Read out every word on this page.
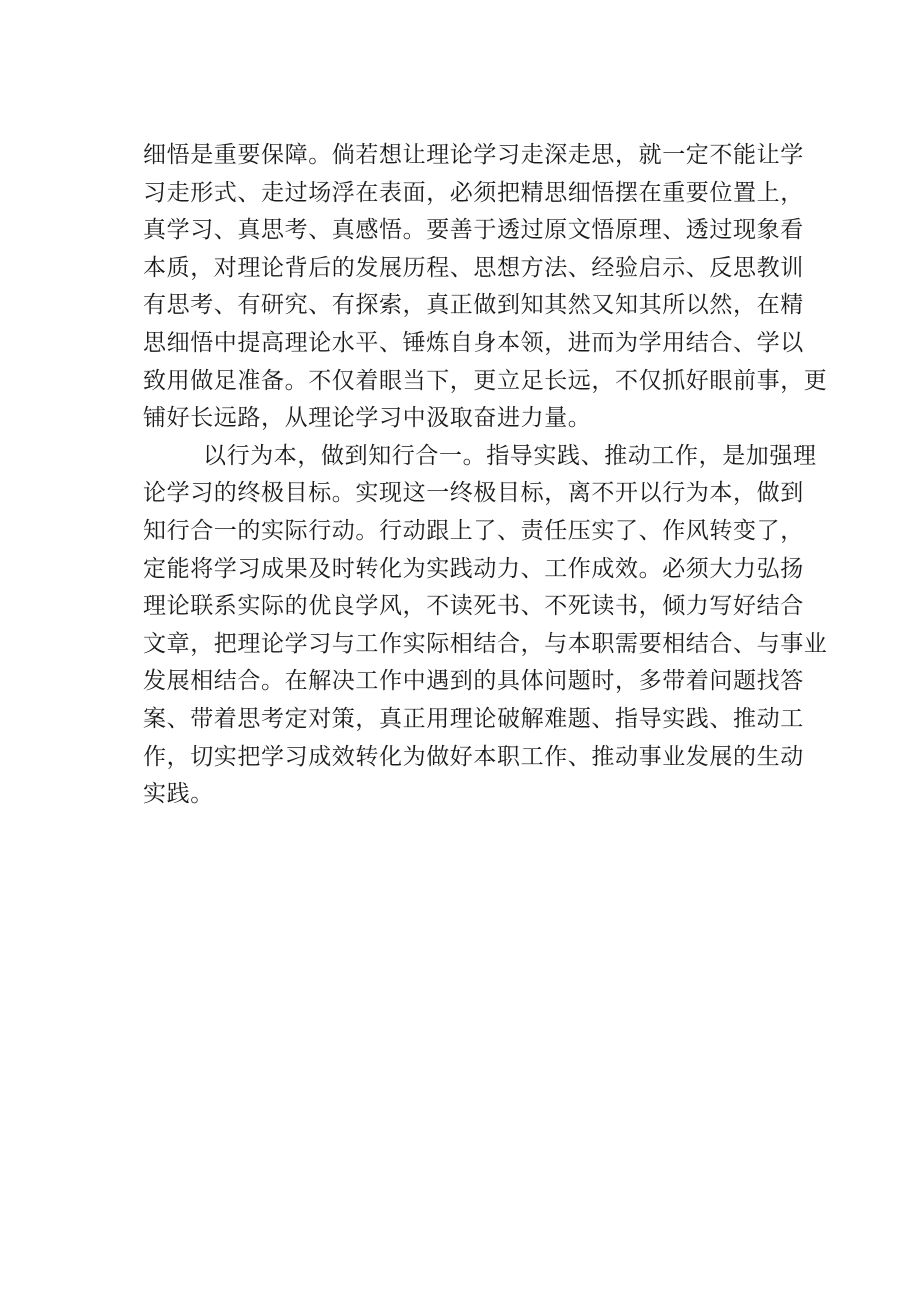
细悟是重要保障。倘若想让理论学习走深走思，就一定不能让学
习走形式、走过场浮在表面，必须把精思细悟摆在重要位置上，
真学习、真思考、真感悟。要善于透过原文悟原理、透过现象看
本质，对理论背后的发展历程、思想方法、经验启示、反思教训
有思考、有研究、有探索，真正做到知其然又知其所以然，在精
思细悟中提高理论水平、锤炼自身本领，进而为学用结合、学以
致用做足准备。不仅着眼当下，更立足长远，不仅抓好眼前事，更
铺好长远路，从理论学习中汲取奋进力量。
以行为本，做到知行合一。指导实践、推动工作，是加强理
论学习的终极目标。实现这一终极目标，离不开以行为本，做到
知行合一的实际行动。行动跟上了、责任压实了、作风转变了，
定能将学习成果及时转化为实践动力、工作成效。必须大力弘扬
理论联系实际的优良学风，不读死书、不死读书，倾力写好结合
文章，把理论学习与工作实际相结合，与本职需要相结合、与事业
发展相结合。在解决工作中遇到的具体问题时，多带着问题找答
案、带着思考定对策，真正用理论破解难题、指导实践、推动工
作，切实把学习成效转化为做好本职工作、推动事业发展的生动
实践。
